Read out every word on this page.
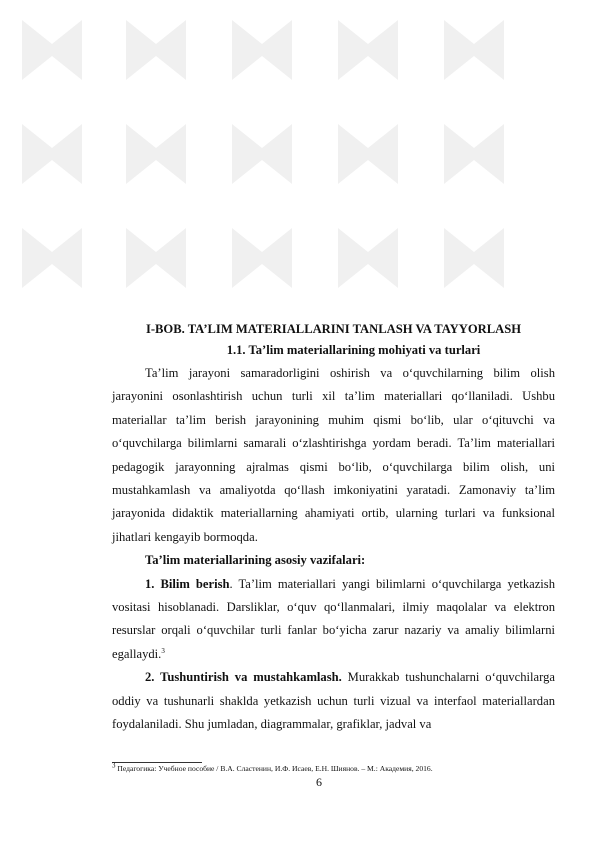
I-BOB. TA’LIM MATERIALLARINI TANLASH VA TAYYORLASH
1.1. Ta’lim materiallarining mohiyati va turlari

Ta’lim jarayoni samaradorligini oshirish va o‘quvchilarning bilim olish jarayonini osonlashtirish uchun turli xil ta’lim materiallari qo‘llaniladi. Ushbu materiallar ta’lim berish jarayonining muhim qismi bo‘lib, ular o‘qituvchi va o‘quvchilarga bilimlarni samarali o‘zlashtirishga yordam beradi. Ta’lim materiallari pedagogik jarayonning ajralmas qismi bo‘lib, o‘quvchilarga bilim olish, uni mustahkamlash va amaliyotda qo‘llash imkoniyatini yaratadi. Zamonaviy ta’lim jarayonida didaktik materiallarning ahamiyati ortib, ularning turlari va funksional jihatlari kengayib bormoqda.

Ta’lim materiallarining asosiy vazifalari:

1. Bilim berish. Ta’lim materiallari yangi bilimlarni o‘quvchilarga yetkazish vositasi hisoblanadi. Darsliklar, o‘quv qo‘llanmalari, ilmiy maqolalar va elektron resurslar orqali o‘quvchilar turli fanlar bo‘yicha zarur nazariy va amaliy bilimlarni egallaydi.$^3$

2. Tushuntirish va mustahkamlash. Murakkab tushunchalarni o‘quvchilarga oddiy va tushunarli shaklda yetkazish uchun turli vizual va interfaol materiallardan foydalaniladi. Shu jumladan, diagrammalar, grafiklar, jadval va

$^3$ Педагогика: Учебное пособие / В.А. Сластенин, И.Ф. Исаев, Е.Н. Шиянов. – М.: Академия, 2016.
6
